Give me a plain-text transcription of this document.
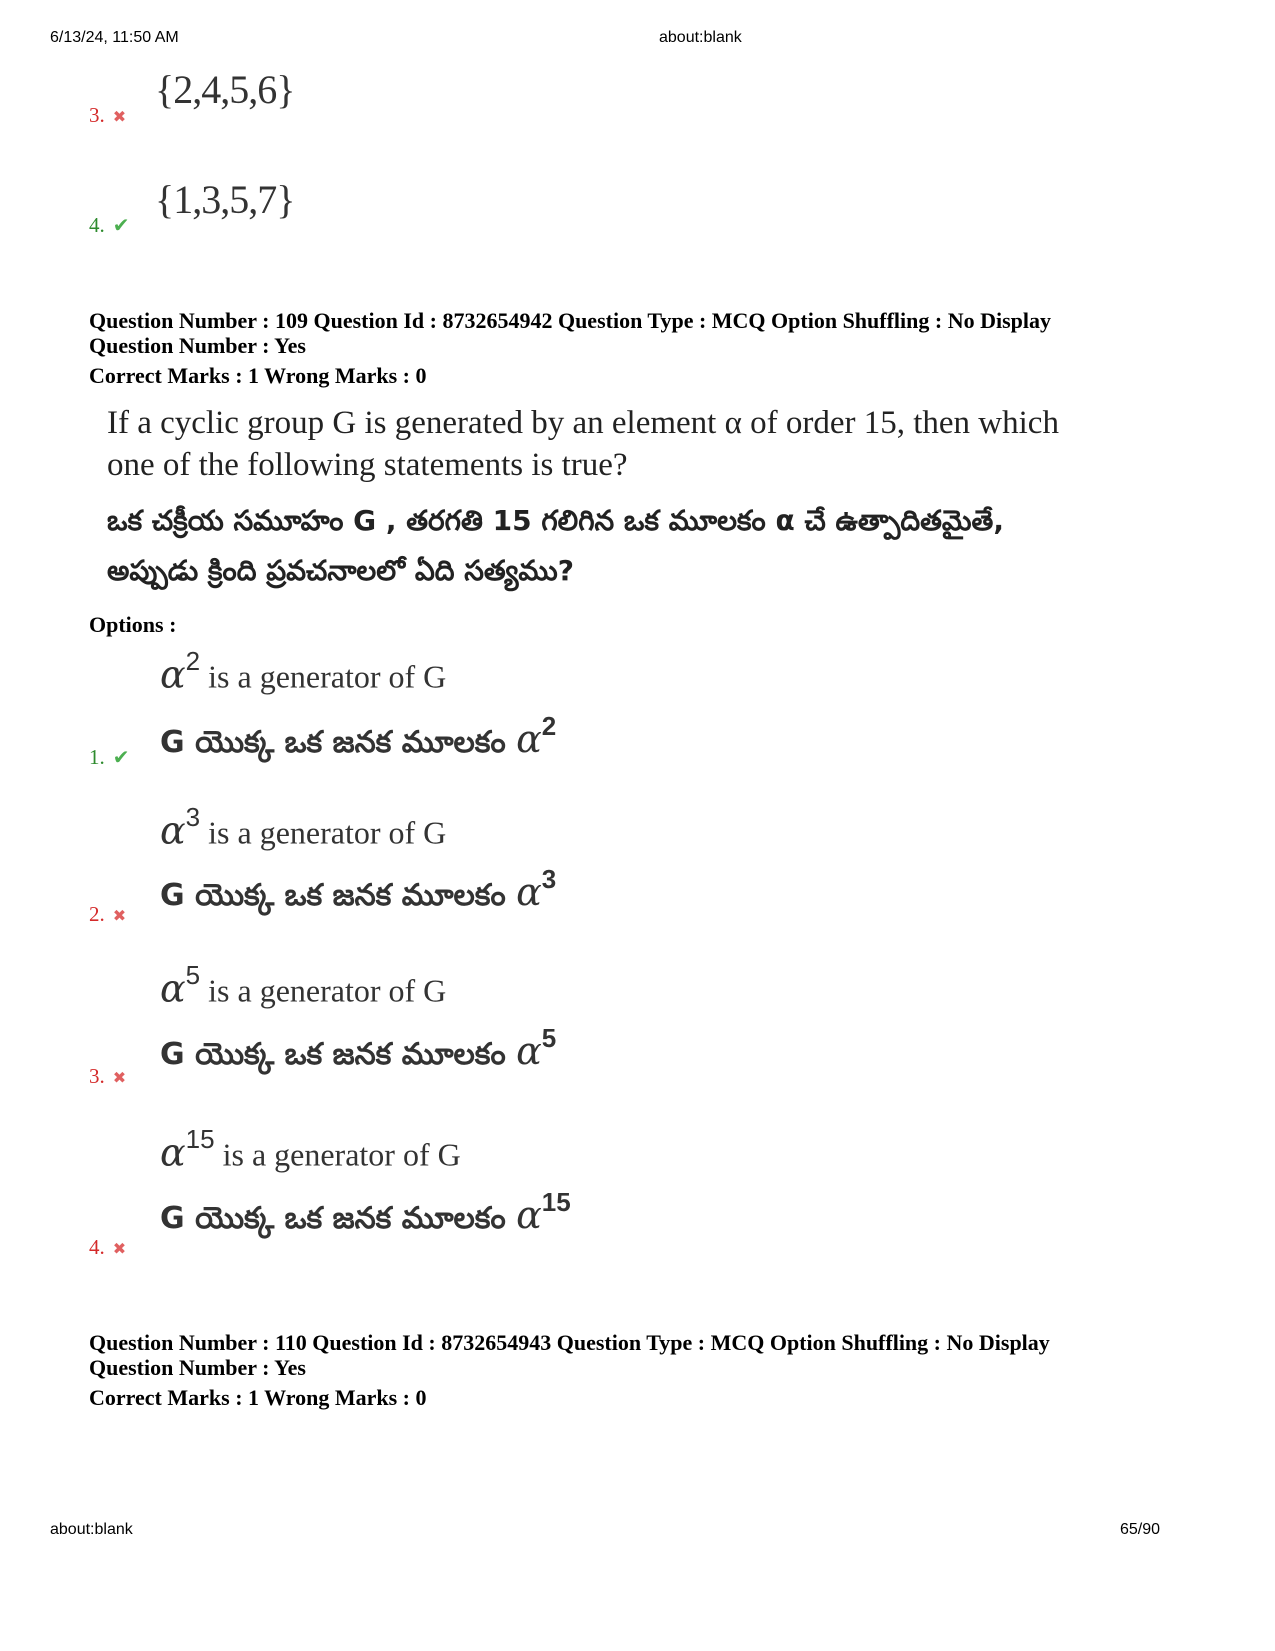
6/13/24, 11:50 AM	about:blank
{2,4,5,6}
3. ✖
{1,3,5,7}
4. ✔
Question Number : 109 Question Id : 8732654942 Question Type : MCQ Option Shuffling : No Display
Question Number : Yes
Correct Marks : 1 Wrong Marks : 0
If a cyclic group G is generated by an element α of order 15, then which
one of the following statements is true?
ఒక చక్రీయ సమూహం G , తరగతి 15 గలిగిన ఒక మూలకం α చే ఉత్పాదితమైతే,
అప్పుడు క్రింది ప్రవచనాలలో ఏది సత్యము?
Options :
$\alpha^2$ is a generator of G
G యొక్క ఒక జనక మూలకం $\alpha^2$
1. ✔
$\alpha^3$ is a generator of G
G యొక్క ఒక జనక మూలకం $\alpha^3$
2. ✖
$\alpha^5$ is a generator of G
G యొక్క ఒక జనక మూలకం $\alpha^5$
3. ✖
$\alpha^{15}$ is a generator of G
G యొక్క ఒక జనక మూలకం $\alpha^{15}$
4. ✖
Question Number : 110 Question Id : 8732654943 Question Type : MCQ Option Shuffling : No Display
Question Number : Yes
Correct Marks : 1 Wrong Marks : 0
about:blank	65/90
